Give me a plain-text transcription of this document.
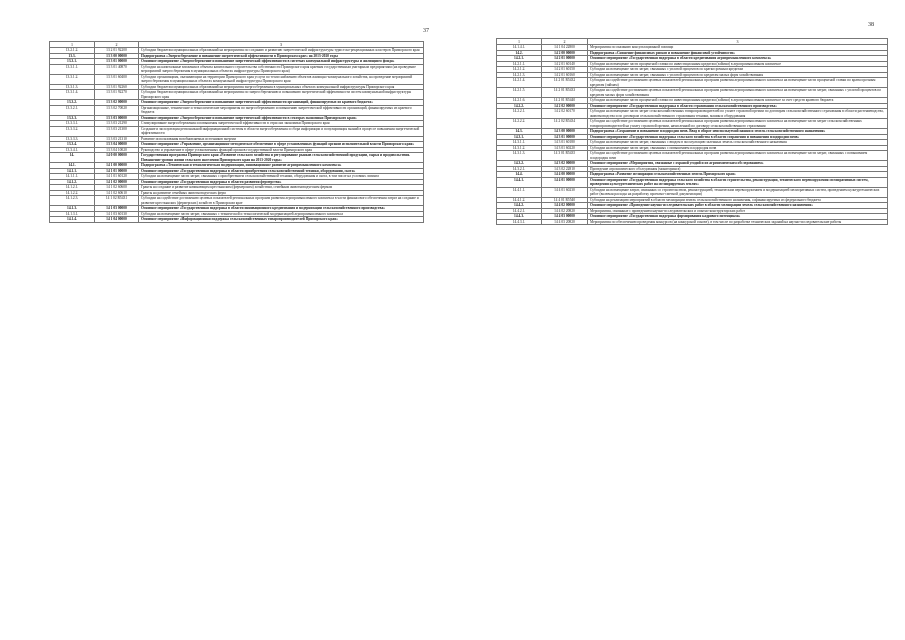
37
38
1	2	3
13.2.1.2.	13 2 01 92200	Субсидии бюджетам муниципальных образований на мероприятия по созданию и развитию энергетической инфраструктуры туристско-рекреационных кластеров Приморского края
13.3.	13 3 00 00000	Подпрограмма «Энергосбережение и повышение энергетической эффективности в Приморском крае» на 2013-2020 годы
13.3.1.	13 3 01 00000	Основное мероприятие «Энергосбережение и повышение энергетической эффективности в системах коммунальной инфраструктуры и жилищного фонда»
13.3.1.1.	13 3 01 40870	Субсидии на капитальные вложения в объекты капитального строительства собственности Приморского края краевым государственным унитарным предприятиям (на проведение мероприятий энергосбережения в муниципальных объектах инфраструктуры Приморского края)
13.3.1.2.	13 3 01 60400	Субсидии организациям, оказывающим на территории Приморского края услуги по теплоснабжению объектов жилищно-коммунального хозяйства, на проведение мероприятий энергосбережения в муниципальных объектах коммунальной инфраструктуры Приморского края
13.3.1.3.	13 3 01 92260	Субсидии бюджетам муниципальных образований на мероприятия энергосбережения в муниципальных объектах коммунальной инфраструктуры Приморского края
13.3.1.4.	13 3 01 92270	Субсидии бюджетам муниципальных образований на мероприятия по энергосбережению и повышению энергетической эффективности систем коммунальной инфраструктуры Приморского края
13.3.2.	13 3 02 00000	Основное мероприятие «Энергосбережение и повышение энергетической эффективности организаций, финансируемых из краевого бюджета»
13.3.2.1.	13 3 02 70020	Организационные, технические и технологические мероприятия по энергосбережению и повышению энергетической эффективности организаций, финансируемых из краевого бюджета
13.3.3.	13 3 03 00000	Основное мероприятие «Энергосбережение и повышение энергетической эффективности в секторах экономики Приморского края»
13.3.3.1.	13 3 03 21290	Стимулирование энергосбережения и повышения энергетической эффективности в отраслях экономики Приморского края
13.3.3.2.	13 3 03 21300	Создание и эксплуатация региональной информационной системы в области энергосбережения и сбора информации и популяризация знаний в процессе повышения энергетической эффективности
13.3.3.3.	13 3 03 21310	Развитие использования возобновляемых источников энергии
13.3.4.	13 3 04 00000	Основное мероприятие «Управление, организационно-методическое обеспечение в сфере установленных функций органов исполнительной власти Приморского края»
13.3.4.1.	13 3 04 10020	Руководство и управление в сфере установленных функций органов государственной власти Приморского края
14.	14 0 00 00000	Государственная программа Приморского края «Развитие сельского хозяйства и регулирование рынков сельскохозяйственной продукции, сырья и продовольствия. Повышение уровня жизни сельского населения Приморского края на 2013-2020 годы»
14.1.	14 1 00 00000	Подпрограмма «Техническая и технологическая модернизация, инновационное развитие агропромышленного комплекса»
14.1.1.	14 1 01 00000	Основное мероприятие «Государственная поддержка в области приобретения сельскохозяйственной техники, оборудования, скота»
14.1.1.1.	14 1 01 60120	Субсидии на возмещение части затрат, связанных с приобретением сельскохозяйственной техники, оборудования и скота, в том числе на условиях лизинга
14.1.2.	14 1 02 00000	Основное мероприятие «Государственная поддержка в области развития фермерства»
14.1.2.1.	14 1 02 60600	Гранты на создание и развитие начинающим крестьянским (фермерским) хозяйствам, семейным животноводческим фермам
14.1.2.2.	14 1 02 60610	Гранты на развитие семейных животноводческих ферм
14.1.2.3.	14 1 02 R5431	Субсидии на содействие достижению целевых показателей региональных программ развития агропромышленного комплекса в части финансового обеспечения затрат на создание и развитие крестьянских (фермерских) хозяйств в Приморском крае
14.1.3.	14 1 03 00000	Основное мероприятие «Государственная поддержка в области инновационного кредитования и модернизации сельскохозяйственного производства»
14.1.3.1.	14 1 03 60130	Субсидии на возмещение части затрат, связанных с технической и технологической модернизацией агропромышленного комплекса
14.1.4.	14 1 04 00000	Основное мероприятие «Информационная поддержка сельскохозяйственных товаропроизводителей Приморского края»
1	2	3
14.1.4.1.	14 1 04 22800	Мероприятия по оказанию консультационной помощи
14.2.	14 2 00 00000	Подпрограмма «Снижение финансовых рисков и повышение финансовой устойчивости»
14.2.1.	14 2 01 00000	Основное мероприятие «Государственная поддержка в области кредитования агропромышленного комплекса»
14.2.1.1.	14 2 01 60140	Субсидии на возмещение части процентной ставки по инвестиционным кредитам (займам) в агропромышленном комплексе
14.2.1.2.	14 2 01 60150	Субсидии на возмещение части затрат, связанных с уплатой процентов по краткосрочным кредитам
14.2.1.3.	14 2 01 60160	Субсидии на возмещение части затрат, связанных с уплатой процентов по кредитам малых форм хозяйствования
14.2.1.4.	14 2 01 R5432	Субсидии на содействие достижению целевых показателей региональных программ развития агропромышленного комплекса на возмещение части процентной ставки по краткосрочным кредитам (займам)
14.2.1.5.	14 2 01 R5433	Субсидии на содействие достижению целевых показателей региональных программ развития агропромышленного комплекса на возмещение части затрат, связанных с уплатой процентов по кредитам малых форм хозяйствования
14.2.1.6.	14 2 01 R5440	Субсидии на возмещение части процентной ставки по инвестиционным кредитам (займам) в агропромышленном комплексе за счет средств краевого бюджета
14.2.2.	14 2 02 00000	Основное мероприятие «Государственная поддержка в области страхования сельскохозяйственного производства»
14.2.2.1.	14 2 02 60170	Субсидии на возмещение части затрат сельскохозяйственных товаропроизводителей по уплате страховой премии по договорам сельскохозяйственного страхования в области растениеводства, животноводства и по договорам сельскохозяйственного страхования техники, машин и оборудования
14.2.2.2.	14 2 02 R5434	Субсидии на содействие достижению целевых показателей региональных программ развития агропромышленного комплекса на возмещение части затрат сельскохозяйственных товаропроизводителей на уплату страховой премии, начисленной по договору сельскохозяйственного страхования
14.3.	14 3 00 00000	Подпрограмма «Сохранение и повышение плодородия почв. Ввод в оборот неиспользуемой пашни и земель сельскохозяйственного назначения»
14.3.1.	14 3 01 00000	Основное мероприятие «Государственная поддержка сельского хозяйства в области сохранения и повышения плодородия почв»
14.3.1.1.	14 3 01 60180	Субсидии на возмещение части затрат, связанных с вводом в эксплуатацию залежных земель сельскохозяйственного назначения
14.3.1.2.	14 3 01 60220	Субсидии на возмещение части затрат, связанных с повышением плодородия почв
14.3.1.3.	14 3 01 R5435	Субсидии на содействие достижению целевых показателей региональных программ развития агропромышленного комплекса на возмещение части затрат, связанных с повышением плодородия почв
14.3.2.	14 3 02 00000	Основное мероприятие «Мероприятия, связанные с охраной угодий и их агрохимическим обследованием»
14.3.2.1.	14 3 02 22810	Проведение агрохимического обследования (мониторинга)
14.4.	14 4 00 00000	Подпрограмма «Развитие мелиорации сельскохозяйственных земель Приморского края»
14.4.1.	14 4 01 00000	Основное мероприятие «Государственная поддержка сельского хозяйства в области строительства, реконструкции, технического перевооружения мелиоративных систем, проведения культуртехнических работ на мелиорируемых землях»
14.4.1.1.	14 4 01 60230	Субсидии на возмещение затрат, связанных со строительством, реконструкцией, техническим перевооружением и модернизацией мелиоративных систем, проведением культуртехнических работ (включая расходы на разработку проектно-сметной документации)
14.4.1.2.	14 4 01 R5540	Субсидии на реализацию мероприятий в области мелиорации земель сельскохозяйственного назначения, софинансируемых из федерального бюджета
14.4.2.	14 4 02 00000	Основное мероприятие «Проведение научно-исследовательских работ в области мелиорации земель сельскохозяйственного назначения»
14.4.2.1.	14 4 02 20820	Мероприятия, связанные с проведением научно-исследовательских и опытно-конструкторских работ
14.4.3.	14 4 03 00000	Основное мероприятие «Государственная поддержка формирования кадрового потенциала»
14.4.3.1.	14 4 03 20820	Мероприятия по обеспечению проведения конкурсов (на конкурсной основе), в том числе по разработке технических заданий на научно-исследовательские работы
